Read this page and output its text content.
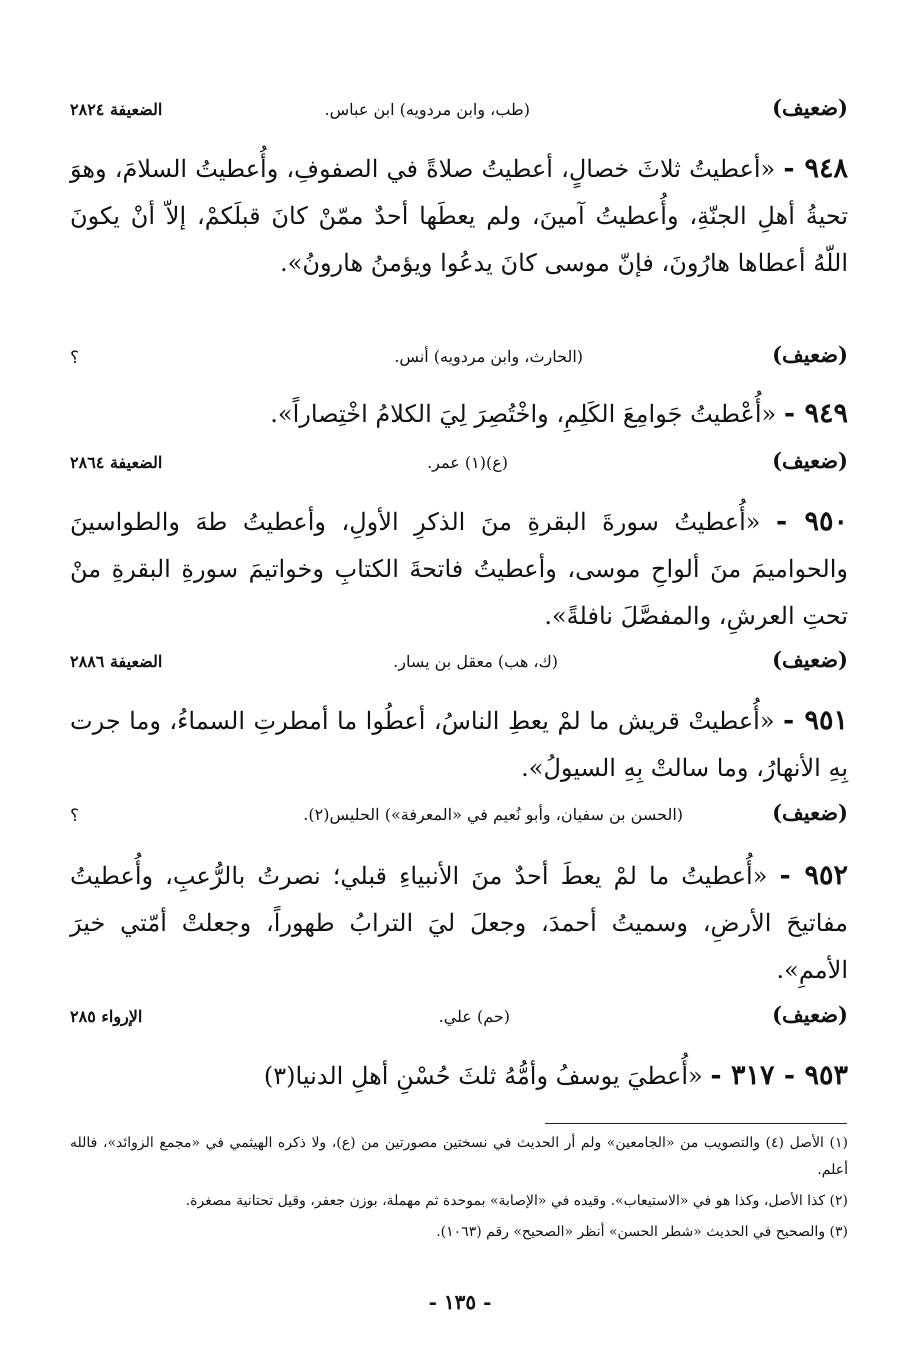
(ضعيف)
(طب، وابن مردويه) ابن عباس.
الضعيفة ٢٨٢٤
٩٤٨ - «أعطيتُ ثلاثَ خصالٍ، أعطيتُ صلاةً في الصفوفِ، وأُعطيتُ السلامَ، وهوَ تحيةُ أهلِ الجنّةِ، وأُعطيتُ آمينَ، ولم يعطَها أحدٌ ممّنْ كانَ قبلَكمْ، إلاّ أنْ يكونَ اللّهُ أعطاها هارُونَ، فإنّ موسى كانَ يدعُوا ويؤمنُ هارونُ».
(ضعيف)
(الحارث، وابن مردويه) أنس.
؟
٩٤٩ - «أُعْطيتُ جَوامِعَ الكَلِمِ، واخْتُصِرَ لِيَ الكلامُ اخْتِصاراً».
(ضعيف)
(ع)(١) عمر.
الضعيفة ٢٨٦٤
٩٥٠ - «أُعطيتُ سورةَ البقرةِ منَ الذكرِ الأولِ، وأعطيتُ طهَ والطواسينَ والحواميمَ منَ ألواحِ موسى، وأعطيتُ فاتحةَ الكتابِ وخواتيمَ سورةِ البقرةِ منْ تحتِ العرشِ، والمفصَّلَ نافلةً».
(ضعيف)
(ك، هب) معقل بن يسار.
الضعيفة ٢٨٨٦
٩٥١ - «أُعطيتْ قريش ما لمْ يعطِ الناسُ، أعطُوا ما أمطرتِ السماءُ، وما جرت بِهِ الأنهارُ، وما سالتْ بِهِ السيولُ».
(ضعيف)
(الحسن بن سفيان، وأبو نُعيم في «المعرفة») الحليس(٢).
؟
٩٥٢ - «أُعطيتُ ما لمْ يعطَ أحدٌ منَ الأنبياءِ قبلي؛ نصرتُ بالرُّعبِ، وأُعطيتُ مفاتيحَ الأرضِ، وسميتُ أحمدَ، وجعلَ ليَ الترابُ طهوراً، وجعلتْ أمّتي خيرَ الأممِ».
(ضعيف)
(حم) علي.
الإرواء ٢٨٥
٩٥٣ - ٣١٧ - «أُعطيَ يوسفُ وأمُّهُ ثلثَ حُسْنِ أهلِ الدنيا(٣)
(١) الأصل (٤) والتصويب من «الجامعين» ولم أر الحديث في نسختين مصورتين من (ع)، ولا ذكره الهيثمي في «مجمع الزوائد»، فالله أعلم.
(٢) كذا الأصل، وكذا هو في «الاستيعاب». وقيده في «الإصابة» بموحدة ثم مهملة، بوزن جعفر، وقيل تحتانية مصغرة.
(٣) والصحيح في الحديث «شطر الحسن» أنظر «الصحيح» رقم (١٠٦٣).
- ١٣٥ -
